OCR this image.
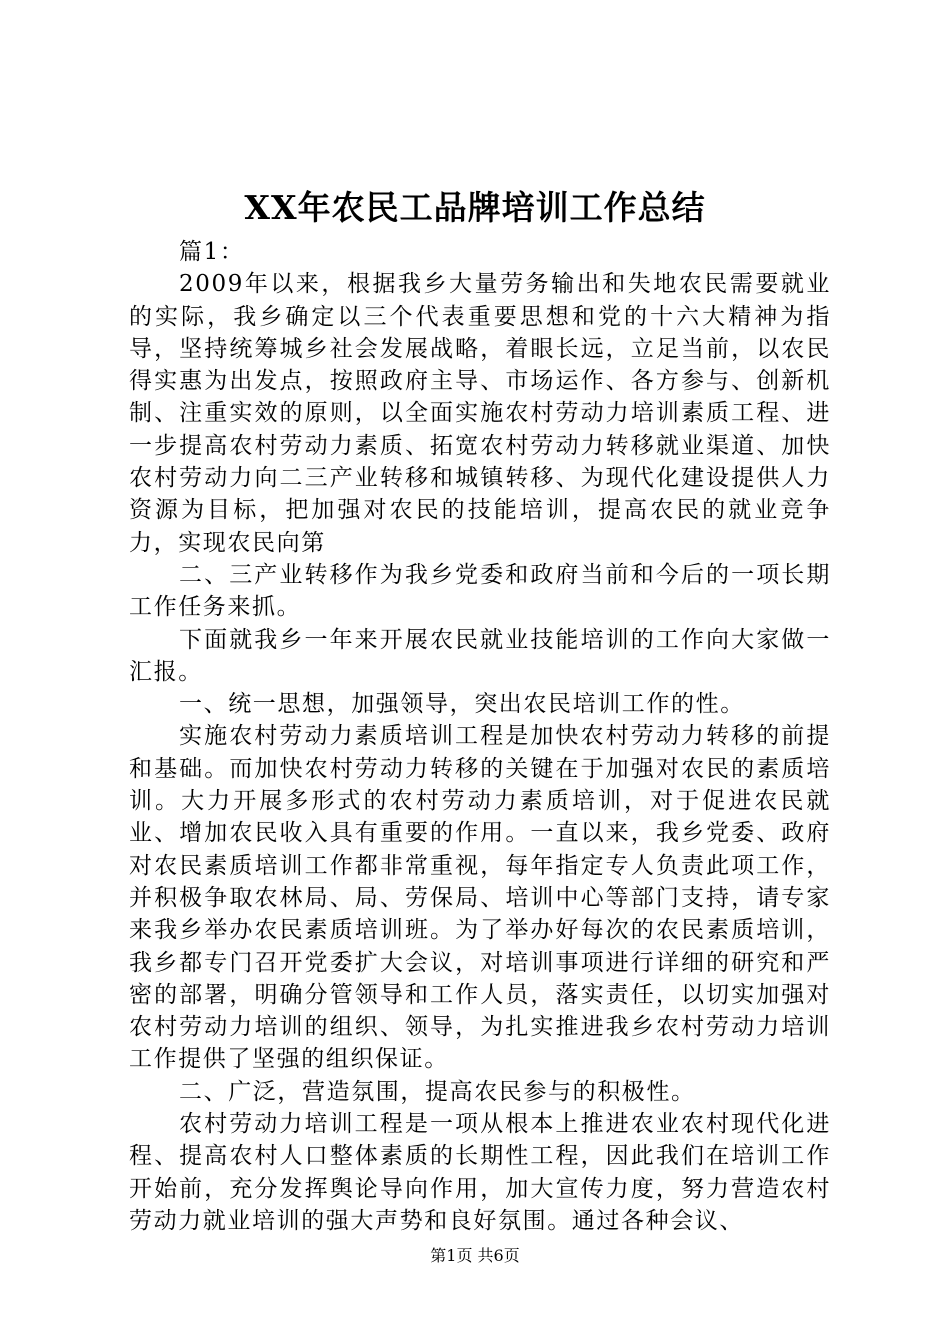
XX年农民工品牌培训工作总结

篇1：

2009年以来，根据我乡大量劳务输出和失地农民需要就业的实际，我乡确定以三个代表重要思想和党的十六大精神为指导，坚持统筹城乡社会发展战略，着眼长远，立足当前，以农民得实惠为出发点，按照政府主导、市场运作、各方参与、创新机制、注重实效的原则，以全面实施农村劳动力培训素质工程、进一步提高农村劳动力素质、拓宽农村劳动力转移就业渠道、加快农村劳动力向二三产业转移和城镇转移、为现代化建设提供人力资源为目标，把加强对农民的技能培训，提高农民的就业竞争力，实现农民向第

二、三产业转移作为我乡党委和政府当前和今后的一项长期工作任务来抓。

下面就我乡一年来开展农民就业技能培训的工作向大家做一汇报。

一、统一思想，加强领导，突出农民培训工作的性。

实施农村劳动力素质培训工程是加快农村劳动力转移的前提和基础。而加快农村劳动力转移的关键在于加强对农民的素质培训。大力开展多形式的农村劳动力素质培训，对于促进农民就业、增加农民收入具有重要的作用。一直以来，我乡党委、政府对农民素质培训工作都非常重视，每年指定专人负责此项工作，并积极争取农林局、局、劳保局、培训中心等部门支持，请专家来我乡举办农民素质培训班。为了举办好每次的农民素质培训，我乡都专门召开党委扩大会议，对培训事项进行详细的研究和严密的部署，明确分管领导和工作人员，落实责任，以切实加强对农村劳动力培训的组织、领导，为扎实推进我乡农村劳动力培训工作提供了坚强的组织保证。

二、广泛，营造氛围，提高农民参与的积极性。

农村劳动力培训工程是一项从根本上推进农业农村现代化进程、提高农村人口整体素质的长期性工程，因此我们在培训工作开始前，充分发挥舆论导向作用，加大宣传力度，努力营造农村劳动力就业培训的强大声势和良好氛围。通过各种会议、

第1页 共6页
